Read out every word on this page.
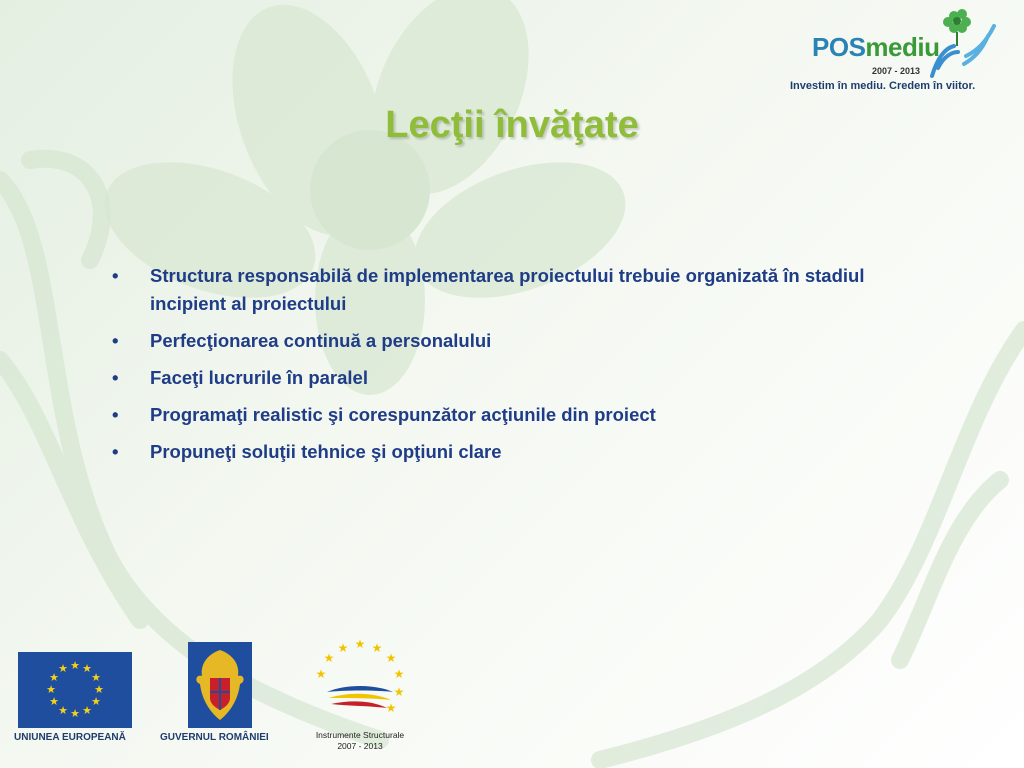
POSmediu
2007 - 2013
Investim în mediu. Credem în viitor.
Lecţii învăţate
• Structura responsabilă de implementarea proiectului trebuie organizată în stadiul incipient al proiectului
• Perfecţionarea continuă a personalului
• Faceţi lucrurile în paralel
• Programaţi realistic şi corespunzător acţiunile din proiect
• Propuneţi soluţii tehnice şi opţiuni clare
★ ★
★
★
★
★
★
★
★
★
★
★
UNIUNEA EUROPEANĂ	GUVERNUL ROMÂNIEI
★ ★
★
★
★
★
★
★
★
Instrumente Structurale
2007 - 2013
